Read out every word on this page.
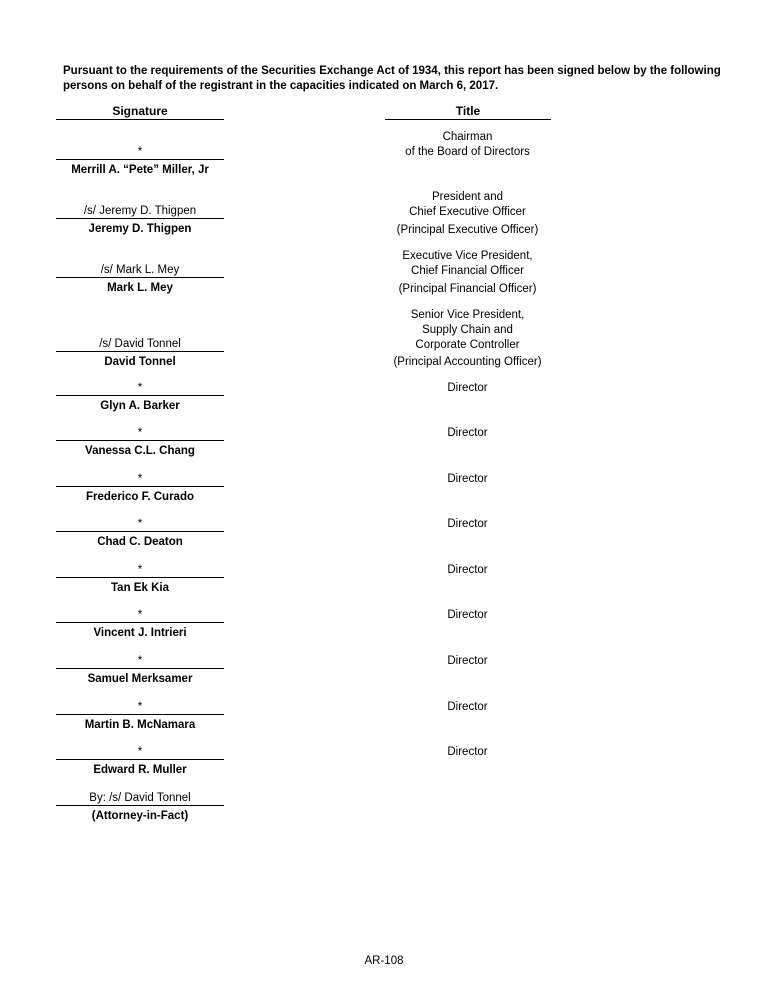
Pursuant to the requirements of the Securities Exchange Act of 1934, this report has been signed below by the following persons on behalf of the registrant in the capacities indicated on March 6, 2017.
Signature	Title
*
Merrill A. “Pete” Miller, Jr
Chairman
of the Board of Directors
/s/ Jeremy D. Thigpen
Jeremy D. Thigpen
President and
Chief Executive Officer
(Principal Executive Officer)
/s/ Mark L. Mey
Mark L. Mey
Executive Vice President,
Chief Financial Officer
(Principal Financial Officer)
/s/ David Tonnel
David Tonnel
Senior Vice President,
Supply Chain and
Corporate Controller
(Principal Accounting Officer)
*
Glyn A. Barker
Director
*
Vanessa C.L. Chang
Director
*
Frederico F. Curado
Director
*
Chad C. Deaton
Director
*
Tan Ek Kia
Director
*
Vincent J. Intrieri
Director
*
Samuel Merksamer
Director
*
Martin B. McNamara
Director
*
Edward R. Muller
Director
By: /s/ David Tonnel
(Attorney-in-Fact)
AR-108
